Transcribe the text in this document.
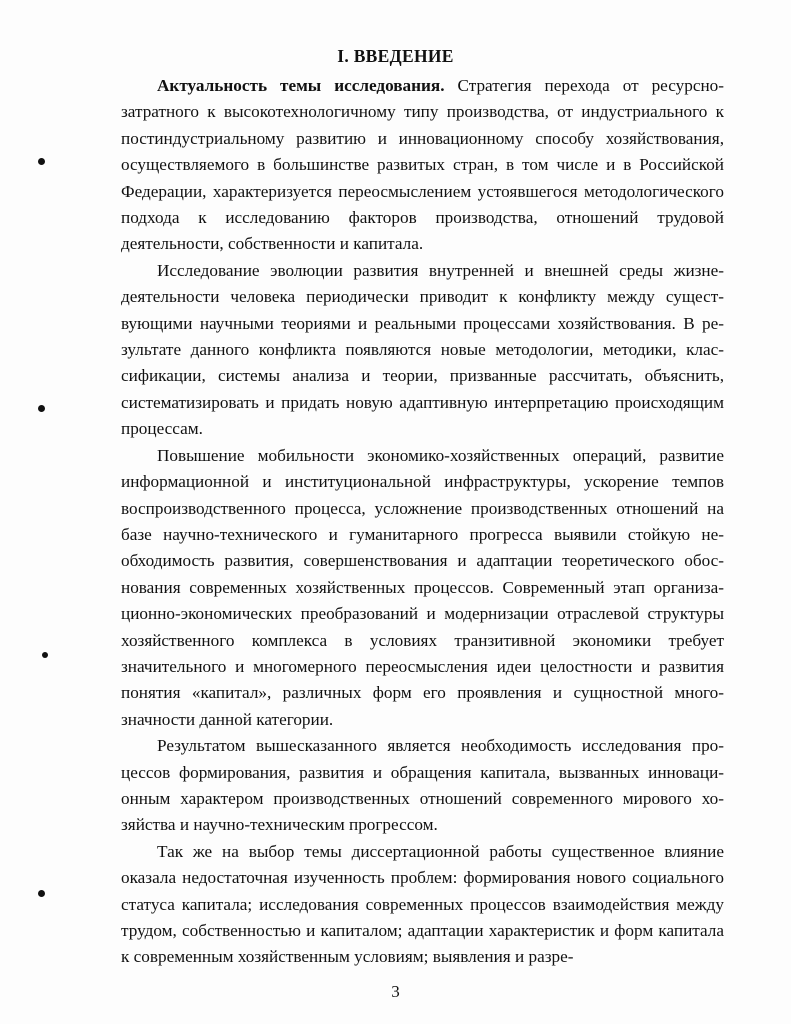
I. ВВЕДЕНИЕ

Актуальность темы исследования. Стратегия перехода от ресурснозатратного к высокотехнологичному типу производства, от индустриального к постиндустриальному развитию и инновационному способу хозяйствования, осуществляемого в большинстве развитых стран, в том числе и в Российской Федерации, характеризуется переосмыслением устоявшегося методологического подхода к исследованию факторов производства, отношений трудовой деятельности, собственности и капитала.

Исследование эволюции развития внутренней и внешней среды жизнедеятельности человека периодически приводит к конфликту между существующими научными теориями и реальными процессами хозяйствования. В результате данного конфликта появляются новые методологии, методики, классификации, системы анализа и теории, призванные рассчитать, объяснить, систематизировать и придать новую адаптивную интерпретацию происходящим процессам.

Повышение мобильности экономико-хозяйственных операций, развитие информационной и институциональной инфраструктуры, ускорение темпов воспроизводственного процесса, усложнение производственных отношений на базе научно-технического и гуманитарного прогресса выявили стойкую необходимость развития, совершенствования и адаптации теоретического обоснования современных хозяйственных процессов. Современный этап организационно-экономических преобразований и модернизации отраслевой структуры хозяйственного комплекса в условиях транзитивной экономики требует значительного и многомерного переосмысления идеи целостности и развития понятия «капитал», различных форм его проявления и сущностной многозначности данной категории.

Результатом вышесказанного является необходимость исследования процессов формирования, развития и обращения капитала, вызванных инновационным характером производственных отношений современного мирового хозяйства и научно-техническим прогрессом.

Так же на выбор темы диссертационной работы существенное влияние оказала недостаточная изученность проблем: формирования нового социального статуса капитала; исследования современных процессов взаимодействия между трудом, собственностью и капиталом; адаптации характеристик и форм капитала к современным хозяйственным условиям; выявления и разре-

3
